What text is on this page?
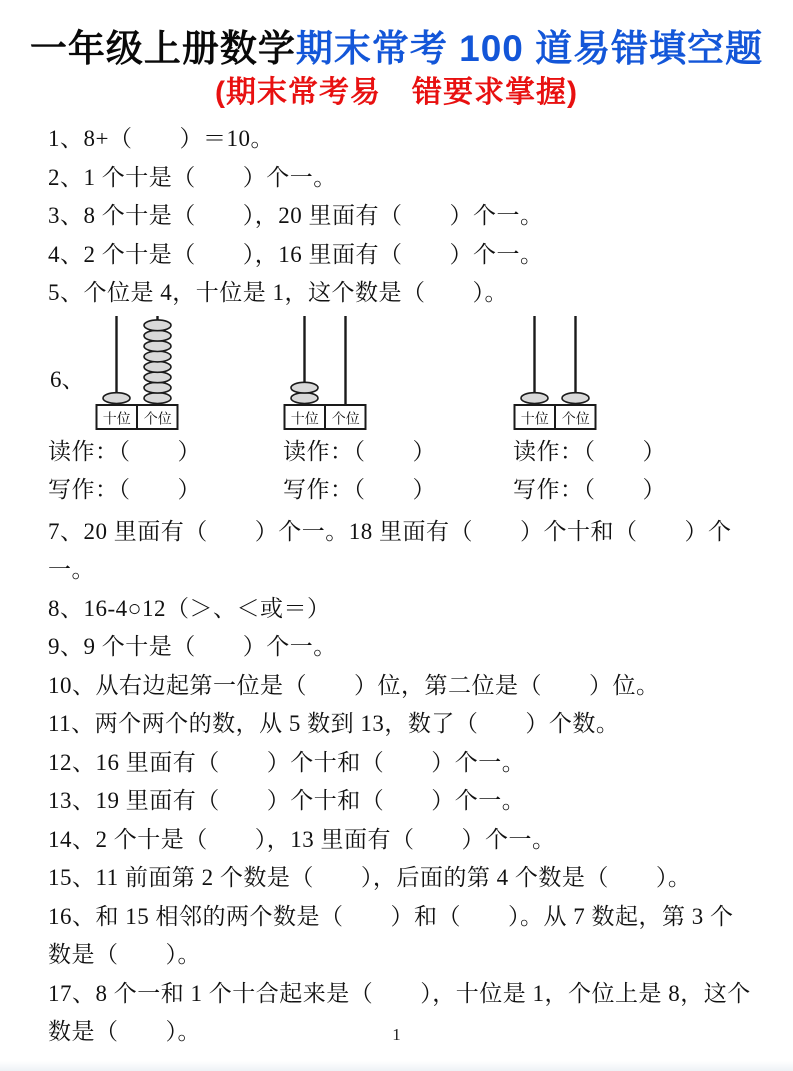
一年级上册数学期末常考 100 道易错填空题
(期末常考易　错要求掌握)
1、8+（　　）＝10。
2、1 个十是（　　）个一。
3、8 个十是（　　），20 里面有（　　）个一。
4、2 个十是（　　），16 里面有（　　）个一。
5、个位是 4，十位是 1，这个数是（　　）。
6、
十位 个位
读作：（　　）
写作：（　　）
十位 个位
读作：（　　）
写作：（　　）
十位 个位
读作：（　　）
写作：（　　）
7、20 里面有（　　）个一。18 里面有（　　）个十和（　　）个一。
8、16-4○12（＞、＜或＝）
9、9 个十是（　　）个一。
10、从右边起第一位是（　　）位，第二位是（　　）位。
11、两个两个的数，从 5 数到 13，数了（　　）个数。
12、16 里面有（　　）个十和（　　）个一。
13、19 里面有（　　）个十和（　　）个一。
14、2 个十是（　　），13 里面有（　　）个一。
15、11 前面第 2 个数是（　　），后面的第 4 个数是（　　）。
16、和 15 相邻的两个数是（　　）和（　　）。从 7 数起，第 3 个数是（　　）。
17、8 个一和 1 个十合起来是（　　），十位是 1，个位上是 8，这个数是（　　）。	1
